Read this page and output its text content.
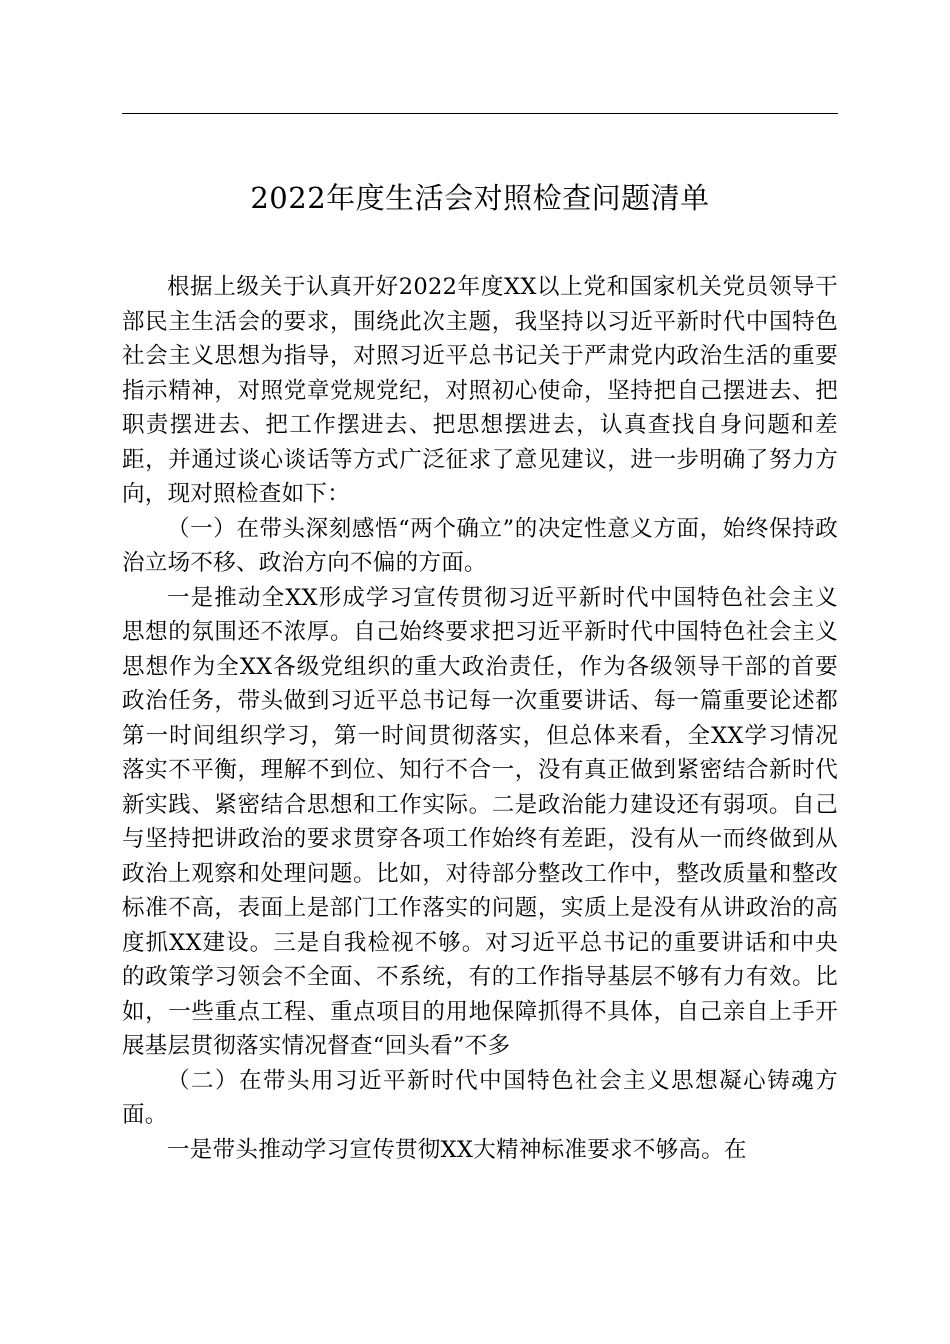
2022年度生活会对照检查问题清单

根据上级关于认真开好2022年度XX以上党和国家机关党员领导干部民主生活会的要求，围绕此次主题，我坚持以习近平新时代中国特色社会主义思想为指导，对照习近平总书记关于严肃党内政治生活的重要指示精神，对照党章党规党纪，对照初心使命，坚持把自己摆进去、把职责摆进去、把工作摆进去、把思想摆进去，认真查找自身问题和差距，并通过谈心谈话等方式广泛征求了意见建议，进一步明确了努力方向，现对照检查如下：

（一）在带头深刻感悟“两个确立”的决定性意义方面，始终保持政治立场不移、政治方向不偏的方面。

一是推动全XX形成学习宣传贯彻习近平新时代中国特色社会主义思想的氛围还不浓厚。自己始终要求把习近平新时代中国特色社会主义思想作为全XX各级党组织的重大政治责任，作为各级领导干部的首要政治任务，带头做到习近平总书记每一次重要讲话、每一篇重要论述都第一时间组织学习，第一时间贯彻落实，但总体来看，全XX学习情况落实不平衡，理解不到位、知行不合一，没有真正做到紧密结合新时代新实践、紧密结合思想和工作实际。二是政治能力建设还有弱项。自己与坚持把讲政治的要求贯穿各项工作始终有差距，没有从一而终做到从政治上观察和处理问题。比如，对待部分整改工作中，整改质量和整改标准不高，表面上是部门工作落实的问题，实质上是没有从讲政治的高度抓XX建设。三是自我检视不够。对习近平总书记的重要讲话和中央的政策学习领会不全面、不系统，有的工作指导基层不够有力有效。比如，一些重点工程、重点项目的用地保障抓得不具体，自己亲自上手开展基层贯彻落实情况督查“回头看”不多

（二）在带头用习近平新时代中国特色社会主义思想凝心铸魂方面。

一是带头推动学习宣传贯彻XX大精神标准要求不够高。在
